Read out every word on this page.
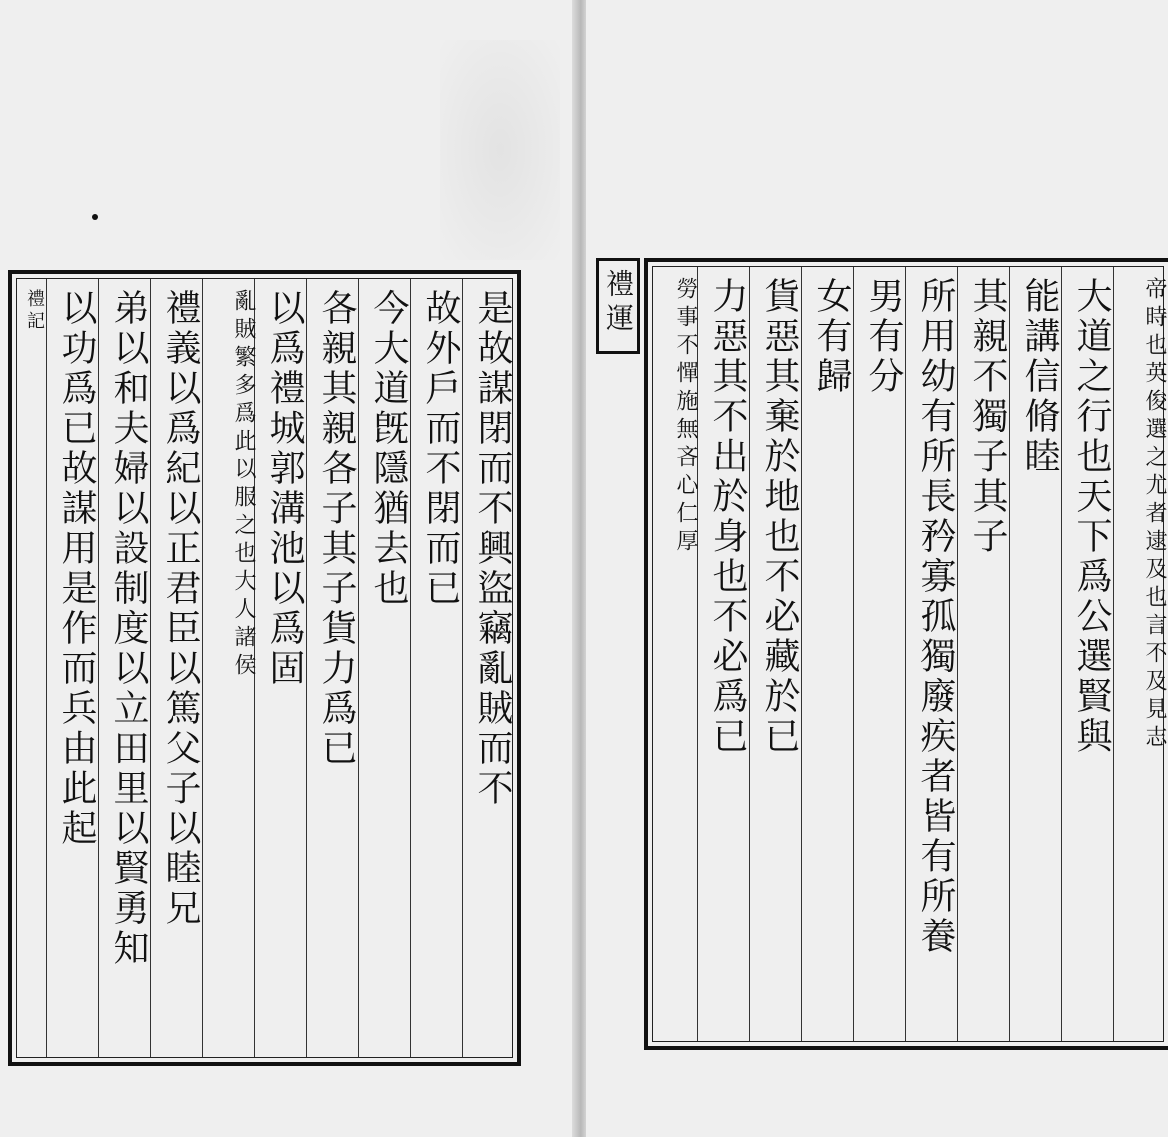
是故謀閉而不興盜竊亂賊而不
故外戶而不閉而已
今大道旣隱猶去也
各親其親各子其子貨力爲已
以爲禮城郭溝池以爲固
亂賊繁多爲此以服之也大人諸侯
禮義以爲紀以正君臣以篤父子以睦兄
弟以和夫婦以設制度以立田里以賢勇知
以功爲已故謀用是作而兵由此起
禮記	禮運	帝時也英俊選之尤者逮及也言不及見志
大道之行也天下爲公選賢與
能講信脩睦
其親不獨子其子
所用幼有所長矜寡孤獨廢疾者皆有所養
男有分
女有歸
貨惡其棄於地也不必藏於已
力惡其不出於身也不必爲已
勞事不憚施無吝心仁厚
